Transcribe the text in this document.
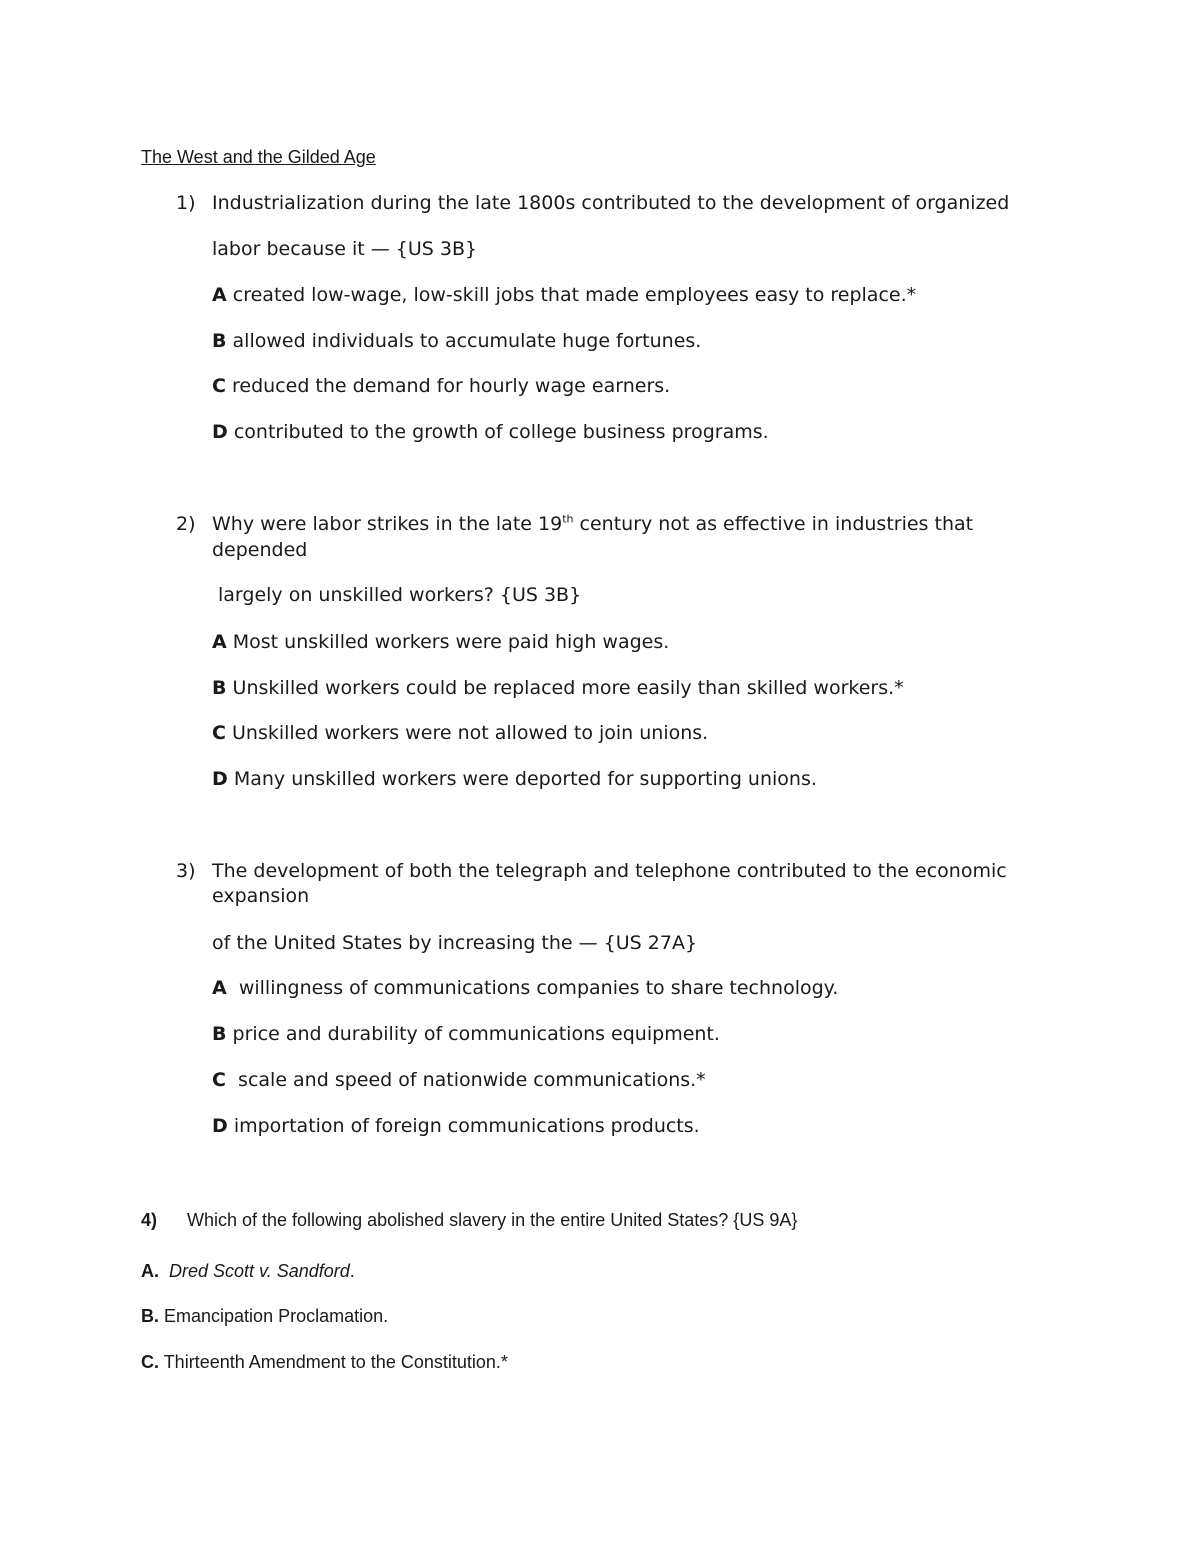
The West and the Gilded Age
1) Industrialization during the late 1800s contributed to the development of organized
labor because it — {US 3B}
A created low-wage, low-skill jobs that made employees easy to replace.*
B allowed individuals to accumulate huge fortunes.
C reduced the demand for hourly wage earners.
D contributed to the growth of college business programs.
2) Why were labor strikes in the late 19th century not as effective in industries that
depended
largely on unskilled workers? {US 3B}
A Most unskilled workers were paid high wages.
B Unskilled workers could be replaced more easily than skilled workers.*
C Unskilled workers were not allowed to join unions.
D Many unskilled workers were deported for supporting unions.
3) The development of both the telegraph and telephone contributed to the economic
expansion
of the United States by increasing the — {US 27A}
A willingness of communications companies to share technology.
B price and durability of communications equipment.
C scale and speed of nationwide communications.*
D importation of foreign communications products.
4) Which of the following abolished slavery in the entire United States? {US 9A}
A. Dred Scott v. Sandford.
B. Emancipation Proclamation.
C. Thirteenth Amendment to the Constitution.*
